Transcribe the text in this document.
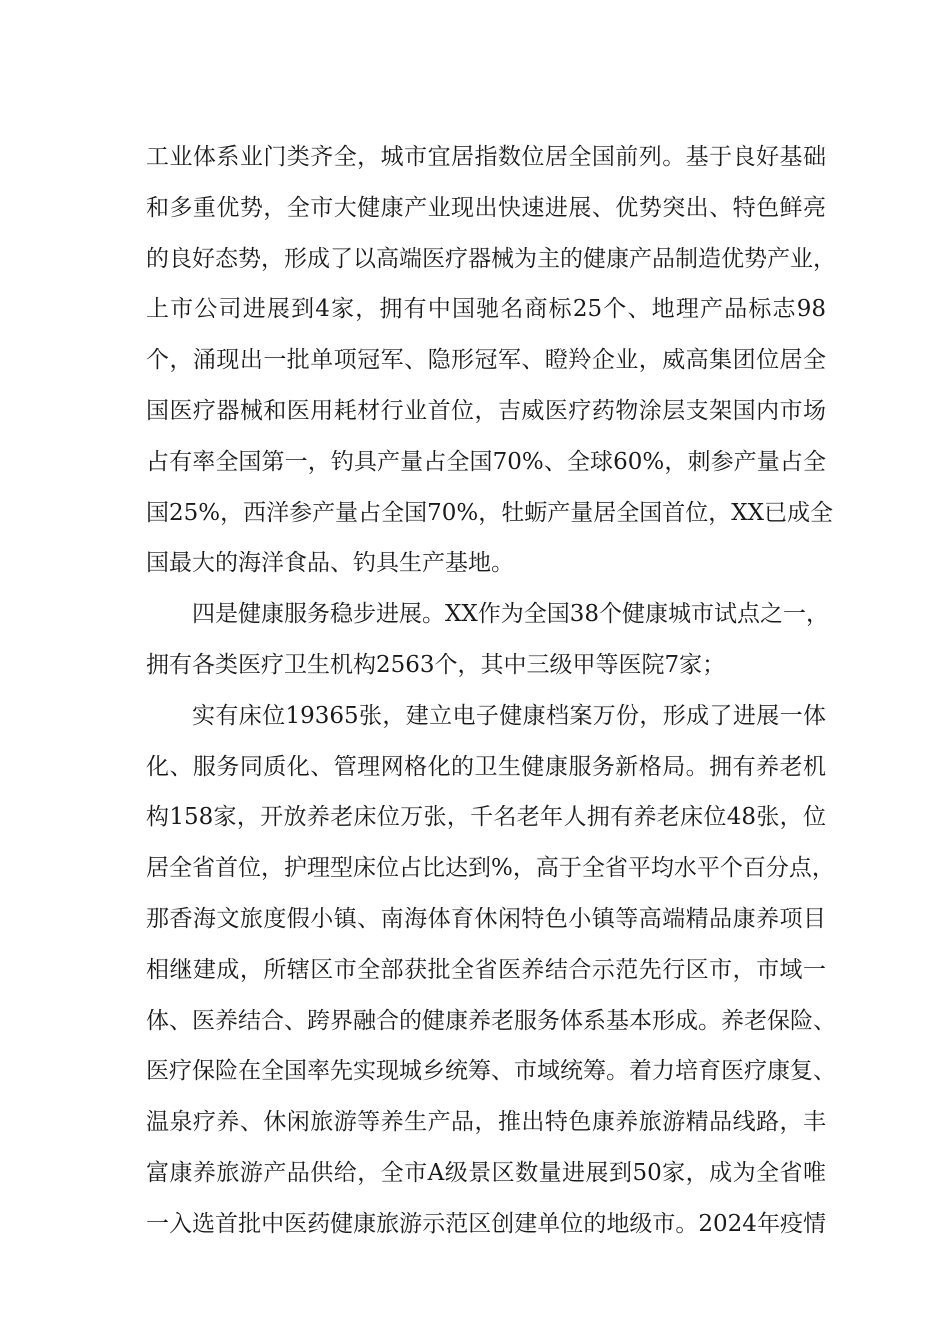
工业体系业门类齐全，城市宜居指数位居全国前列。基于良好基础
和多重优势，全市大健康产业现出快速进展、优势突出、特色鲜亮
的良好态势，形成了以高端医疗器械为主的健康产品制造优势产业，
上市公司进展到4家，拥有中国驰名商标25个、地理产品标志98
个，涌现出一批单项冠军、隐形冠军、瞪羚企业，威高集团位居全
国医疗器械和医用耗材行业首位，吉威医疗药物涂层支架国内市场
占有率全国第一，钓具产量占全国70%、全球60%，刺参产量占全
国25%，西洋参产量占全国70%，牡蛎产量居全国首位，XX已成全
国最大的海洋食品、钓具生产基地。
四是健康服务稳步进展。XX作为全国38个健康城市试点之一，
拥有各类医疗卫生机构2563个，其中三级甲等医院7家；
实有床位19365张，建立电子健康档案万份，形成了进展一体
化、服务同质化、管理网格化的卫生健康服务新格局。拥有养老机
构158家，开放养老床位万张，千名老年人拥有养老床位48张，位
居全省首位，护理型床位占比达到%，高于全省平均水平个百分点，
那香海文旅度假小镇、南海体育休闲特色小镇等高端精品康养项目
相继建成，所辖区市全部获批全省医养结合示范先行区市，市域一
体、医养结合、跨界融合的健康养老服务体系基本形成。养老保险、
医疗保险在全国率先实现城乡统筹、市域统筹。着力培育医疗康复、
温泉疗养、休闲旅游等养生产品，推出特色康养旅游精品线路，丰
富康养旅游产品供给，全市A级景区数量进展到50家，成为全省唯
一入选首批中医药健康旅游示范区创建单位的地级市。2024年疫情
